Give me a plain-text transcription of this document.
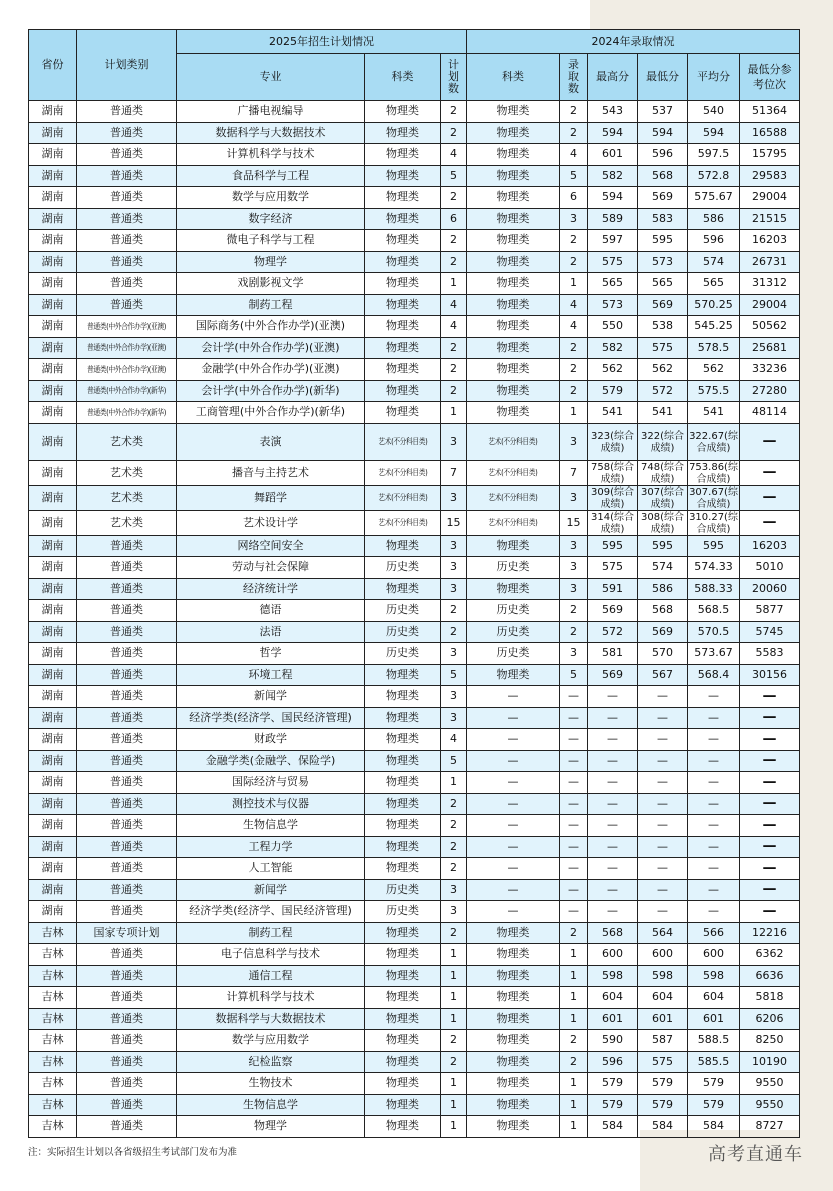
省份	计划类别	2025年招生计划情况			2024年录取情况					
		专业	科类	计划数	科类	录取数	最高分	最低分	平均分	最低分参考位次
湖南	普通类	广播电视编导	物理类	2	物理类	2	543	537	540	51364
湖南	普通类	数据科学与大数据技术	物理类	2	物理类	2	594	594	594	16588
湖南	普通类	计算机科学与技术	物理类	4	物理类	4	601	596	597.5	15795
湖南	普通类	食品科学与工程	物理类	5	物理类	5	582	568	572.8	29583
湖南	普通类	数学与应用数学	物理类	2	物理类	6	594	569	575.67	29004
湖南	普通类	数字经济	物理类	6	物理类	3	589	583	586	21515
湖南	普通类	微电子科学与工程	物理类	2	物理类	2	597	595	596	16203
湖南	普通类	物理学	物理类	2	物理类	2	575	573	574	26731
湖南	普通类	戏剧影视文学	物理类	1	物理类	1	565	565	565	31312
湖南	普通类	制药工程	物理类	4	物理类	4	573	569	570.25	29004
湖南	普通类(中外合作办学)(亚澳)	国际商务(中外合作办学)(亚澳)	物理类	4	物理类	4	550	538	545.25	50562
湖南	普通类(中外合作办学)(亚澳)	会计学(中外合作办学)(亚澳)	物理类	2	物理类	2	582	575	578.5	25681
湖南	普通类(中外合作办学)(亚澳)	金融学(中外合作办学)(亚澳)	物理类	2	物理类	2	562	562	562	33236
湖南	普通类(中外合作办学)(新华)	会计学(中外合作办学)(新华)	物理类	2	物理类	2	579	572	575.5	27280
湖南	普通类(中外合作办学)(新华)	工商管理(中外合作办学)(新华)	物理类	1	物理类	1	541	541	541	48114
湖南	艺术类	表演	艺术(不分科目类)	3	艺术(不分科目类)	3	323(综合成绩)	322(综合成绩)	322.67(综合成绩)	—
湖南	艺术类	播音与主持艺术	艺术(不分科目类)	7	艺术(不分科目类)	7	758(综合成绩)	748(综合成绩)	753.86(综合成绩)	—
湖南	艺术类	舞蹈学	艺术(不分科目类)	3	艺术(不分科目类)	3	309(综合成绩)	307(综合成绩)	307.67(综合成绩)	—
湖南	艺术类	艺术设计学	艺术(不分科目类)	15	艺术(不分科目类)	15	314(综合成绩)	308(综合成绩)	310.27(综合成绩)	—
湖南	普通类	网络空间安全	物理类	3	物理类	3	595	595	595	16203
湖南	普通类	劳动与社会保障	历史类	3	历史类	3	575	574	574.33	5010
湖南	普通类	经济统计学	物理类	3	物理类	3	591	586	588.33	20060
湖南	普通类	德语	历史类	2	历史类	2	569	568	568.5	5877
湖南	普通类	法语	历史类	2	历史类	2	572	569	570.5	5745
湖南	普通类	哲学	历史类	3	历史类	3	581	570	573.67	5583
湖南	普通类	环境工程	物理类	5	物理类	5	569	567	568.4	30156
湖南	普通类	新闻学	物理类	3	—	—	—	—	—	—
湖南	普通类	经济学类(经济学、国民经济管理)	物理类	3	—	—	—	—	—	—
湖南	普通类	财政学	物理类	4	—	—	—	—	—	—
湖南	普通类	金融学类(金融学、保险学)	物理类	5	—	—	—	—	—	—
湖南	普通类	国际经济与贸易	物理类	1	—	—	—	—	—	—
湖南	普通类	测控技术与仪器	物理类	2	—	—	—	—	—	—
湖南	普通类	生物信息学	物理类	2	—	—	—	—	—	—
湖南	普通类	工程力学	物理类	2	—	—	—	—	—	—
湖南	普通类	人工智能	物理类	2	—	—	—	—	—	—
湖南	普通类	新闻学	历史类	3	—	—	—	—	—	—
湖南	普通类	经济学类(经济学、国民经济管理)	历史类	3	—	—	—	—	—	—
吉林	国家专项计划	制药工程	物理类	2	物理类	2	568	564	566	12216
吉林	普通类	电子信息科学与技术	物理类	1	物理类	1	600	600	600	6362
吉林	普通类	通信工程	物理类	1	物理类	1	598	598	598	6636
吉林	普通类	计算机科学与技术	物理类	1	物理类	1	604	604	604	5818
吉林	普通类	数据科学与大数据技术	物理类	1	物理类	1	601	601	601	6206
吉林	普通类	数学与应用数学	物理类	2	物理类	2	590	587	588.5	8250
吉林	普通类	纪检监察	物理类	2	物理类	2	596	575	585.5	10190
吉林	普通类	生物技术	物理类	1	物理类	1	579	579	579	9550
吉林	普通类	生物信息学	物理类	1	物理类	1	579	579	579	9550
吉林	普通类	物理学	物理类	1	物理类	1	584	584	584	8727
注：实际招生计划以各省级招生考试部门发布为准	高考直通车
